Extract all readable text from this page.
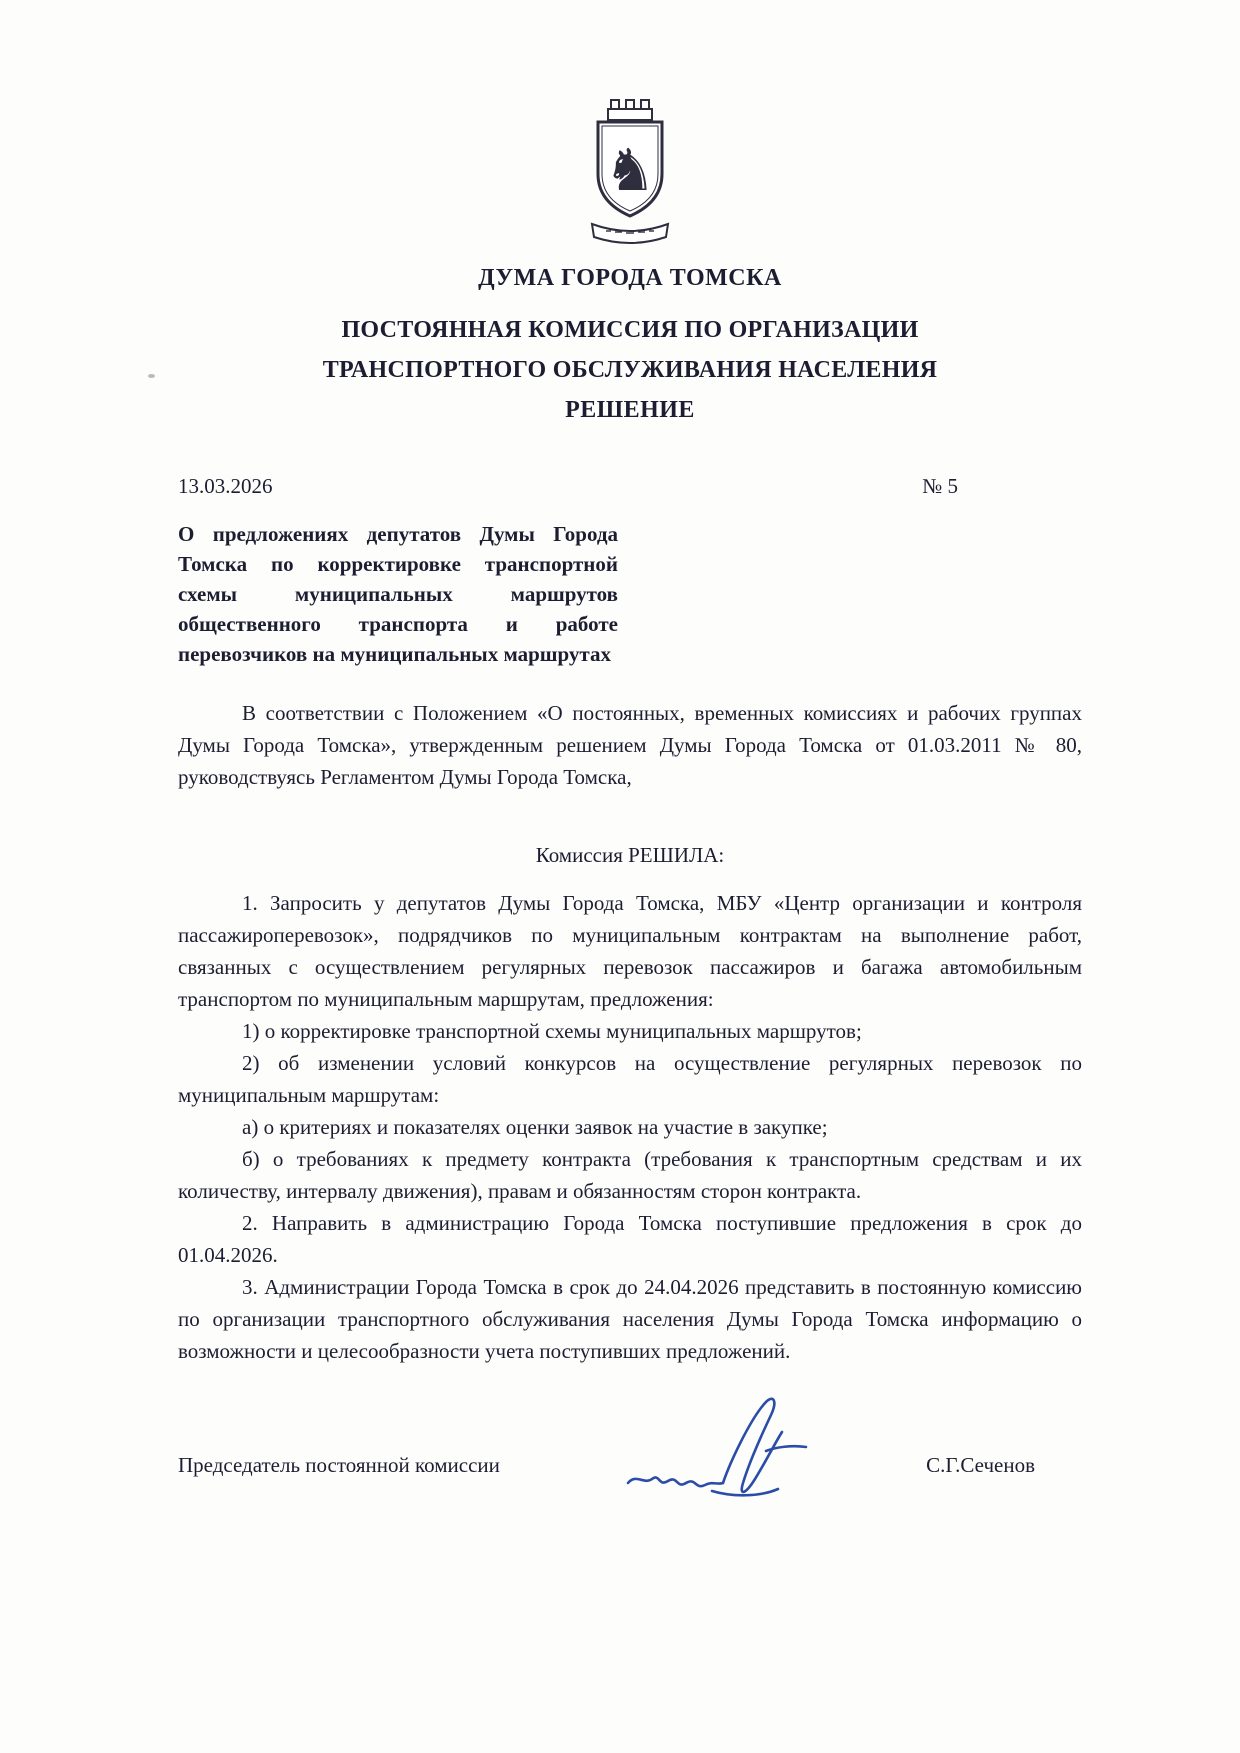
♞
ДУМА ГОРОДА ТОМСКА
ПОСТОЯННАЯ КОМИССИЯ ПО ОРГАНИЗАЦИИ
ТРАНСПОРТНОГО ОБСЛУЖИВАНИЯ НАСЕЛЕНИЯ
РЕШЕНИЕ
13.03.2026	№ 5
О предложениях депутатов Думы Города Томска по корректировке транспортной схемы муниципальных маршрутов общественного транспорта и работе перевозчиков на муниципальных маршрутах

В соответствии с Положением «О постоянных, временных комиссиях и рабочих группах Думы Города Томска», утвержденным решением Думы Города Томска от 01.03.2011 № 80, руководствуясь Регламентом Думы Города Томска,

Комиссия РЕШИЛА:

1. Запросить у депутатов Думы Города Томска, МБУ «Центр организации и контроля пассажироперевозок», подрядчиков по муниципальным контрактам на выполнение работ, связанных с осуществлением регулярных перевозок пассажиров и багажа автомобильным транспортом по муниципальным маршрутам, предложения:

1) о корректировке транспортной схемы муниципальных маршрутов;

2) об изменении условий конкурсов на осуществление регулярных перевозок по муниципальным маршрутам:

а) о критериях и показателях оценки заявок на участие в закупке;

б) о требованиях к предмету контракта (требования к транспортным средствам и их количеству, интервалу движения), правам и обязанностям сторон контракта.

2. Направить в администрацию Города Томска поступившие предложения в срок до 01.04.2026.

3. Администрации Города Томска в срок до 24.04.2026 представить в постоянную комиссию по организации транспортного обслуживания населения Думы Города Томска информацию о возможности и целесообразности учета поступивших предложений.

Председатель постоянной комиссии	С.Г.Сеченов
